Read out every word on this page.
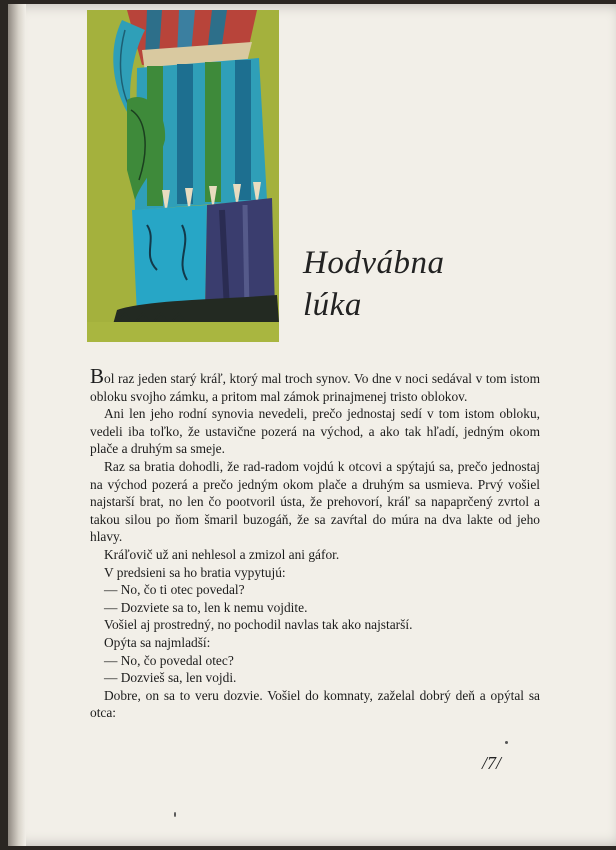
Hodvábna
lúka

Bol raz jeden starý kráľ, ktorý mal troch synov. Vo dne v noci sedával v tom istom obloku svojho zámku, a pritom mal zámok prinajmenej tristo oblokov.

Ani len jeho rodní synovia nevedeli, prečo jednostaj sedí v tom istom obloku, vedeli iba toľko, že ustavične pozerá na východ, a ako tak hľadí, jedným okom plače a druhým sa smeje.

Raz sa bratia dohodli, že rad-radom vojdú k otcovi a spýtajú sa, prečo jednostaj na východ pozerá a prečo jedným okom plače a druhým sa usmieva. Prvý vošiel najstarší brat, no len čo pootvoril ústa, že prehovorí, kráľ sa napaprčený zvrtol a takou silou po ňom šmaril buzogáň, že sa zavŕtal do múra na dva lakte od jeho hlavy.

Kráľovič už ani nehlesol a zmizol ani gáfor.

V predsieni sa ho bratia vypytujú:

— No, čo ti otec povedal?

— Dozviete sa to, len k nemu vojdite.

Vošiel aj prostredný, no pochodil navlas tak ako najstarší.

Opýta sa najmladší:

— No, čo povedal otec?

— Dozvieš sa, len vojdi.

Dobre, on sa to veru dozvie. Vošiel do komnaty, zaželal dobrý deň a opýtal sa otca:

/7/
